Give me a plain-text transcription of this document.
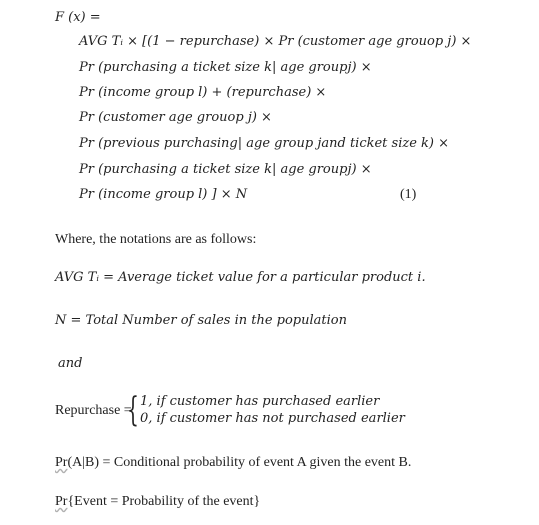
F (x) =
AVG Tᵢ × [(1 − repurchase) × Pr (customer age grouop j) ×
Pr (purchasing a ticket size k| age groupj) ×
Pr (income group l) + (repurchase) ×
Pr (customer age grouop j) ×
Pr (previous purchasing| age group jand ticket size k) ×
Pr (purchasing a ticket size k| age groupj) ×
Pr (income group l) ] × N	(1)
Where, the notations are as follows:
AVG Tᵢ = Average ticket value for a particular product i.
N = Total Number of sales in the population
and
Repurchase =
{ 1, if customer has purchased earlier
0, if customer has not purchased earlier
Pr(A|B) = Conditional probability of event A given the event B.
Pr{Event = Probability of the event}
